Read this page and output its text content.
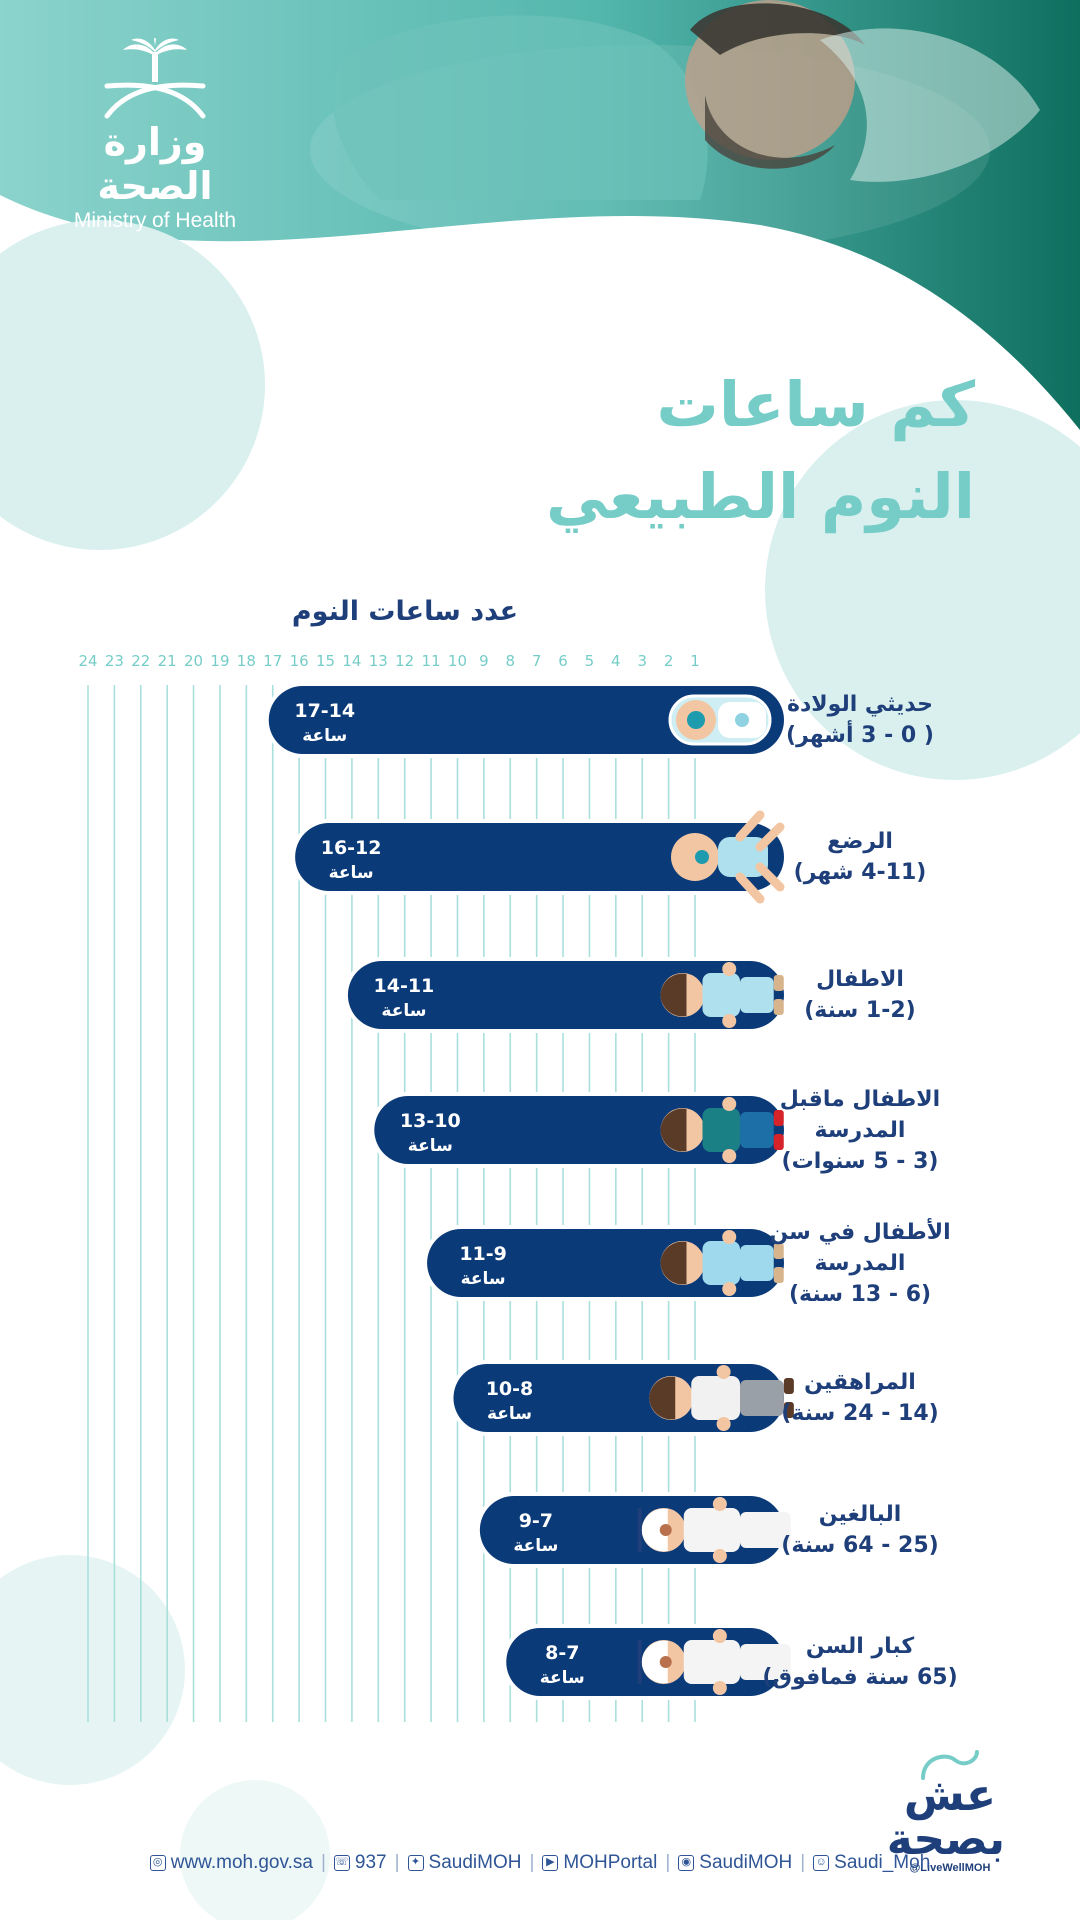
وزارة الصحة
Ministry of Health
كم ساعات
النوم الطبيعي
عدد ساعات النوم
1
2
3
4
5
6
7
8
9
10
11
12
13
14
15
16
17
18
19
20
21
22
23
24
17-14
ساعة
16-12
ساعة
14-11
ساعة
13-10
ساعة
11-9
ساعة
10-8
ساعة
9-7
ساعة
8-7
ساعة
حديثي الولادة
( 0 - 3 أشهر)
الرضع
(4-11 شهر)
الاطفال
(1-2 سنة)
الاطفال ماقبل المدرسة
(3 - 5 سنوات)
الأطفال في سن المدرسة
(6 - 13 سنة)
المراهقين
(14 - 24 سنة)
البالغين
(25 - 64 سنة)
كبار السن
(65 سنة فمافوق)
عش بصحة
@LiveWellMOH
◎ www.moh.gov.sa | ☏ 937 |	✦ SaudiMOH |	▶ MOHPortal | ◉ SaudiMOH | ☺ Saudi_Moh
